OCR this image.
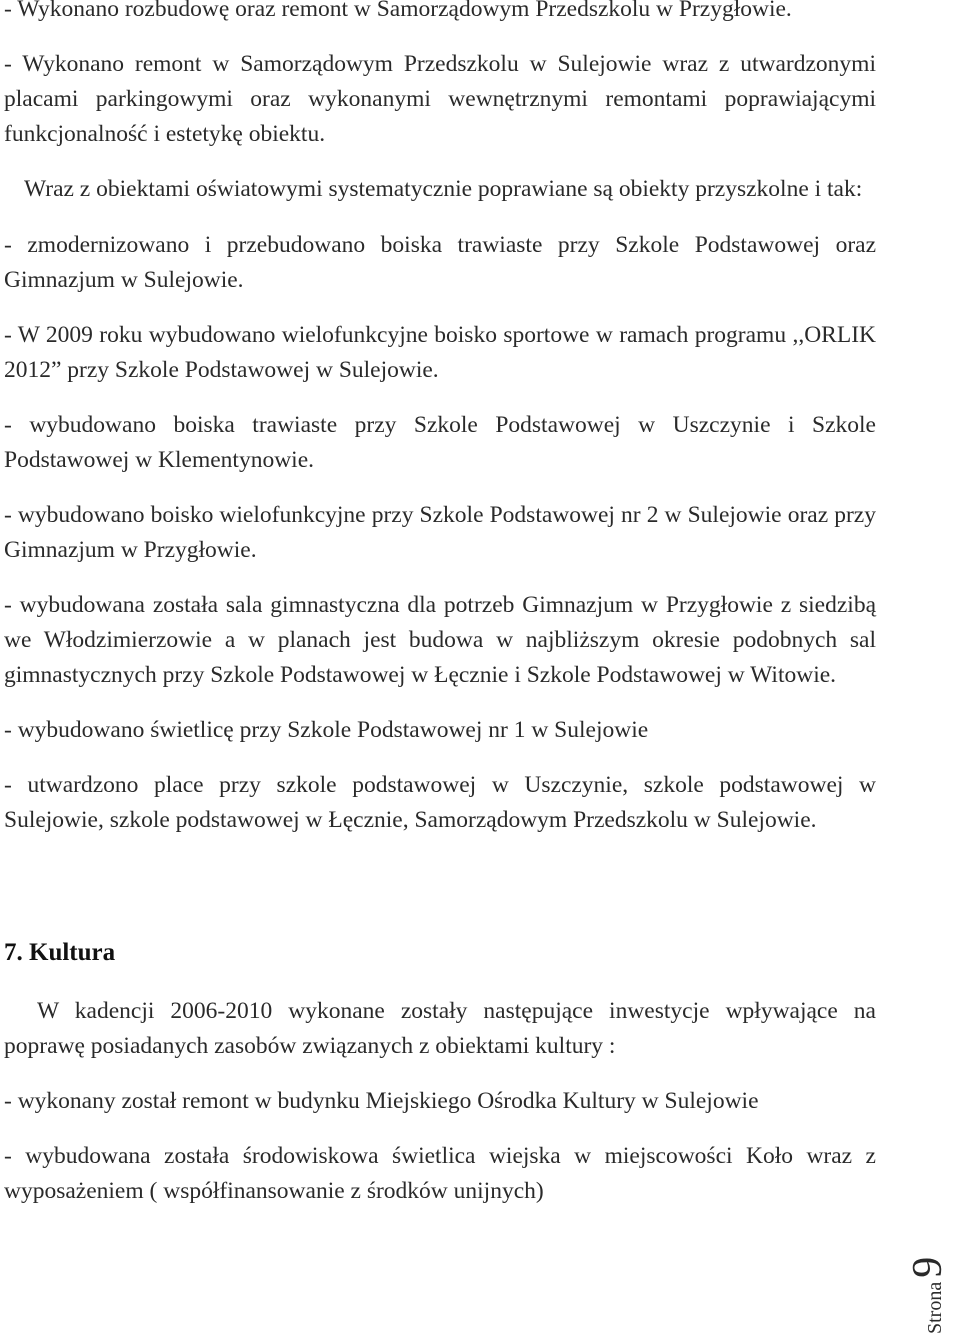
- Wykonano rozbudowę oraz remont w Samorządowym Przedszkolu w Przygłowie.

- Wykonano remont w Samorządowym Przedszkolu w Sulejowie wraz z utwardzonymi placami parkingowymi oraz wykonanymi wewnętrznymi remontami poprawiającymi funkcjonalność i estetykę obiektu.

Wraz z obiektami oświatowymi systematycznie poprawiane są obiekty przyszkolne i tak:

- zmodernizowano i przebudowano boiska trawiaste przy Szkole Podstawowej oraz Gimnazjum w Sulejowie.

- W 2009 roku wybudowano wielofunkcyjne boisko sportowe w ramach programu ,,ORLIK 2012” przy Szkole Podstawowej w Sulejowie.

- wybudowano boiska trawiaste przy Szkole Podstawowej w Uszczynie i Szkole Podstawowej w Klementynowie.

- wybudowano boisko wielofunkcyjne przy Szkole Podstawowej nr 2 w Sulejowie oraz przy Gimnazjum w Przygłowie.

- wybudowana została sala gimnastyczna dla potrzeb Gimnazjum w Przygłowie z siedzibą we Włodzimierzowie a w planach jest budowa w najbliższym okresie podobnych sal gimnastycznych przy Szkole Podstawowej w Łęcznie i Szkole Podstawowej w Witowie.

- wybudowano świetlicę przy Szkole Podstawowej nr 1 w Sulejowie

- utwardzono place przy szkole podstawowej w Uszczynie, szkole podstawowej w Sulejowie, szkole podstawowej w Łęcznie, Samorządowym Przedszkolu w Sulejowie.

7. Kultura

W kadencji 2006-2010 wykonane zostały następujące inwestycje wpływające na poprawę posiadanych zasobów związanych z obiektami kultury :

- wykonany został remont w budynku Miejskiego Ośrodka Kultury w Sulejowie

- wybudowana została środowiskowa świetlica wiejska w miejscowości Koło wraz z wyposażeniem ( współfinansowanie z środków unijnych)

Strona9
